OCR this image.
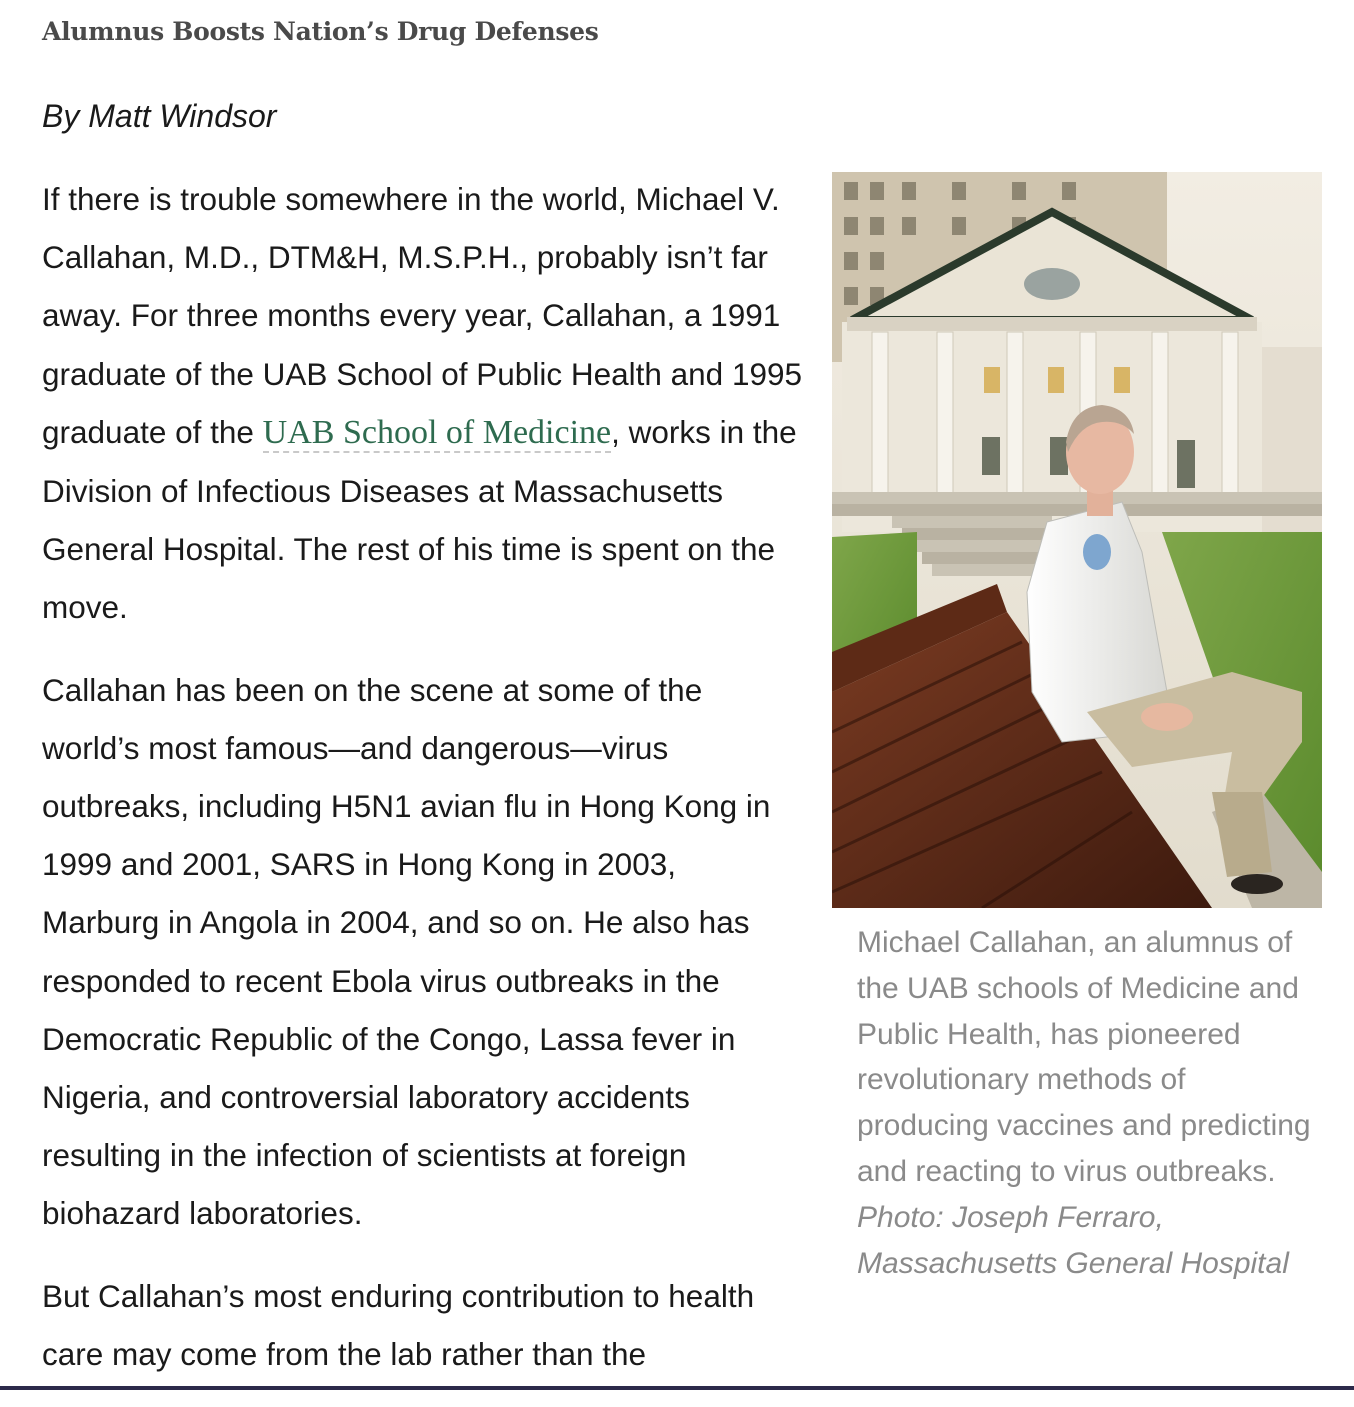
Alumnus Boosts Nation’s Drug Defenses

By Matt Windsor

If there is trouble somewhere in the world, Michael V. Callahan, M.D., DTM&H, M.S.P.H., probably isn’t far away. For three months every year, Callahan, a 1991 graduate of the UAB School of Public Health and 1995 graduate of the UAB School of Medicine, works in the Division of Infectious Diseases at Massachusetts General Hospital. The rest of his time is spent on the move.

Callahan has been on the scene at some of the world’s most famous—and dangerous—virus outbreaks, including H5N1 avian flu in Hong Kong in 1999 and 2001, SARS in Hong Kong in 2003, Marburg in Angola in 2004, and so on. He also has responded to recent Ebola virus outbreaks in the Democratic Republic of the Congo, Lassa fever in Nigeria, and controversial laboratory accidents resulting in the infection of scientists at foreign biohazard laboratories.

But Callahan’s most enduring contribution to health care may come from the lab rather than the

Michael Callahan, an alumnus of the UAB schools of Medicine and Public Health, has pioneered revolutionary methods of producing vaccines and predicting and reacting to virus outbreaks. Photo: Joseph Ferraro, Massachusetts General Hospital
